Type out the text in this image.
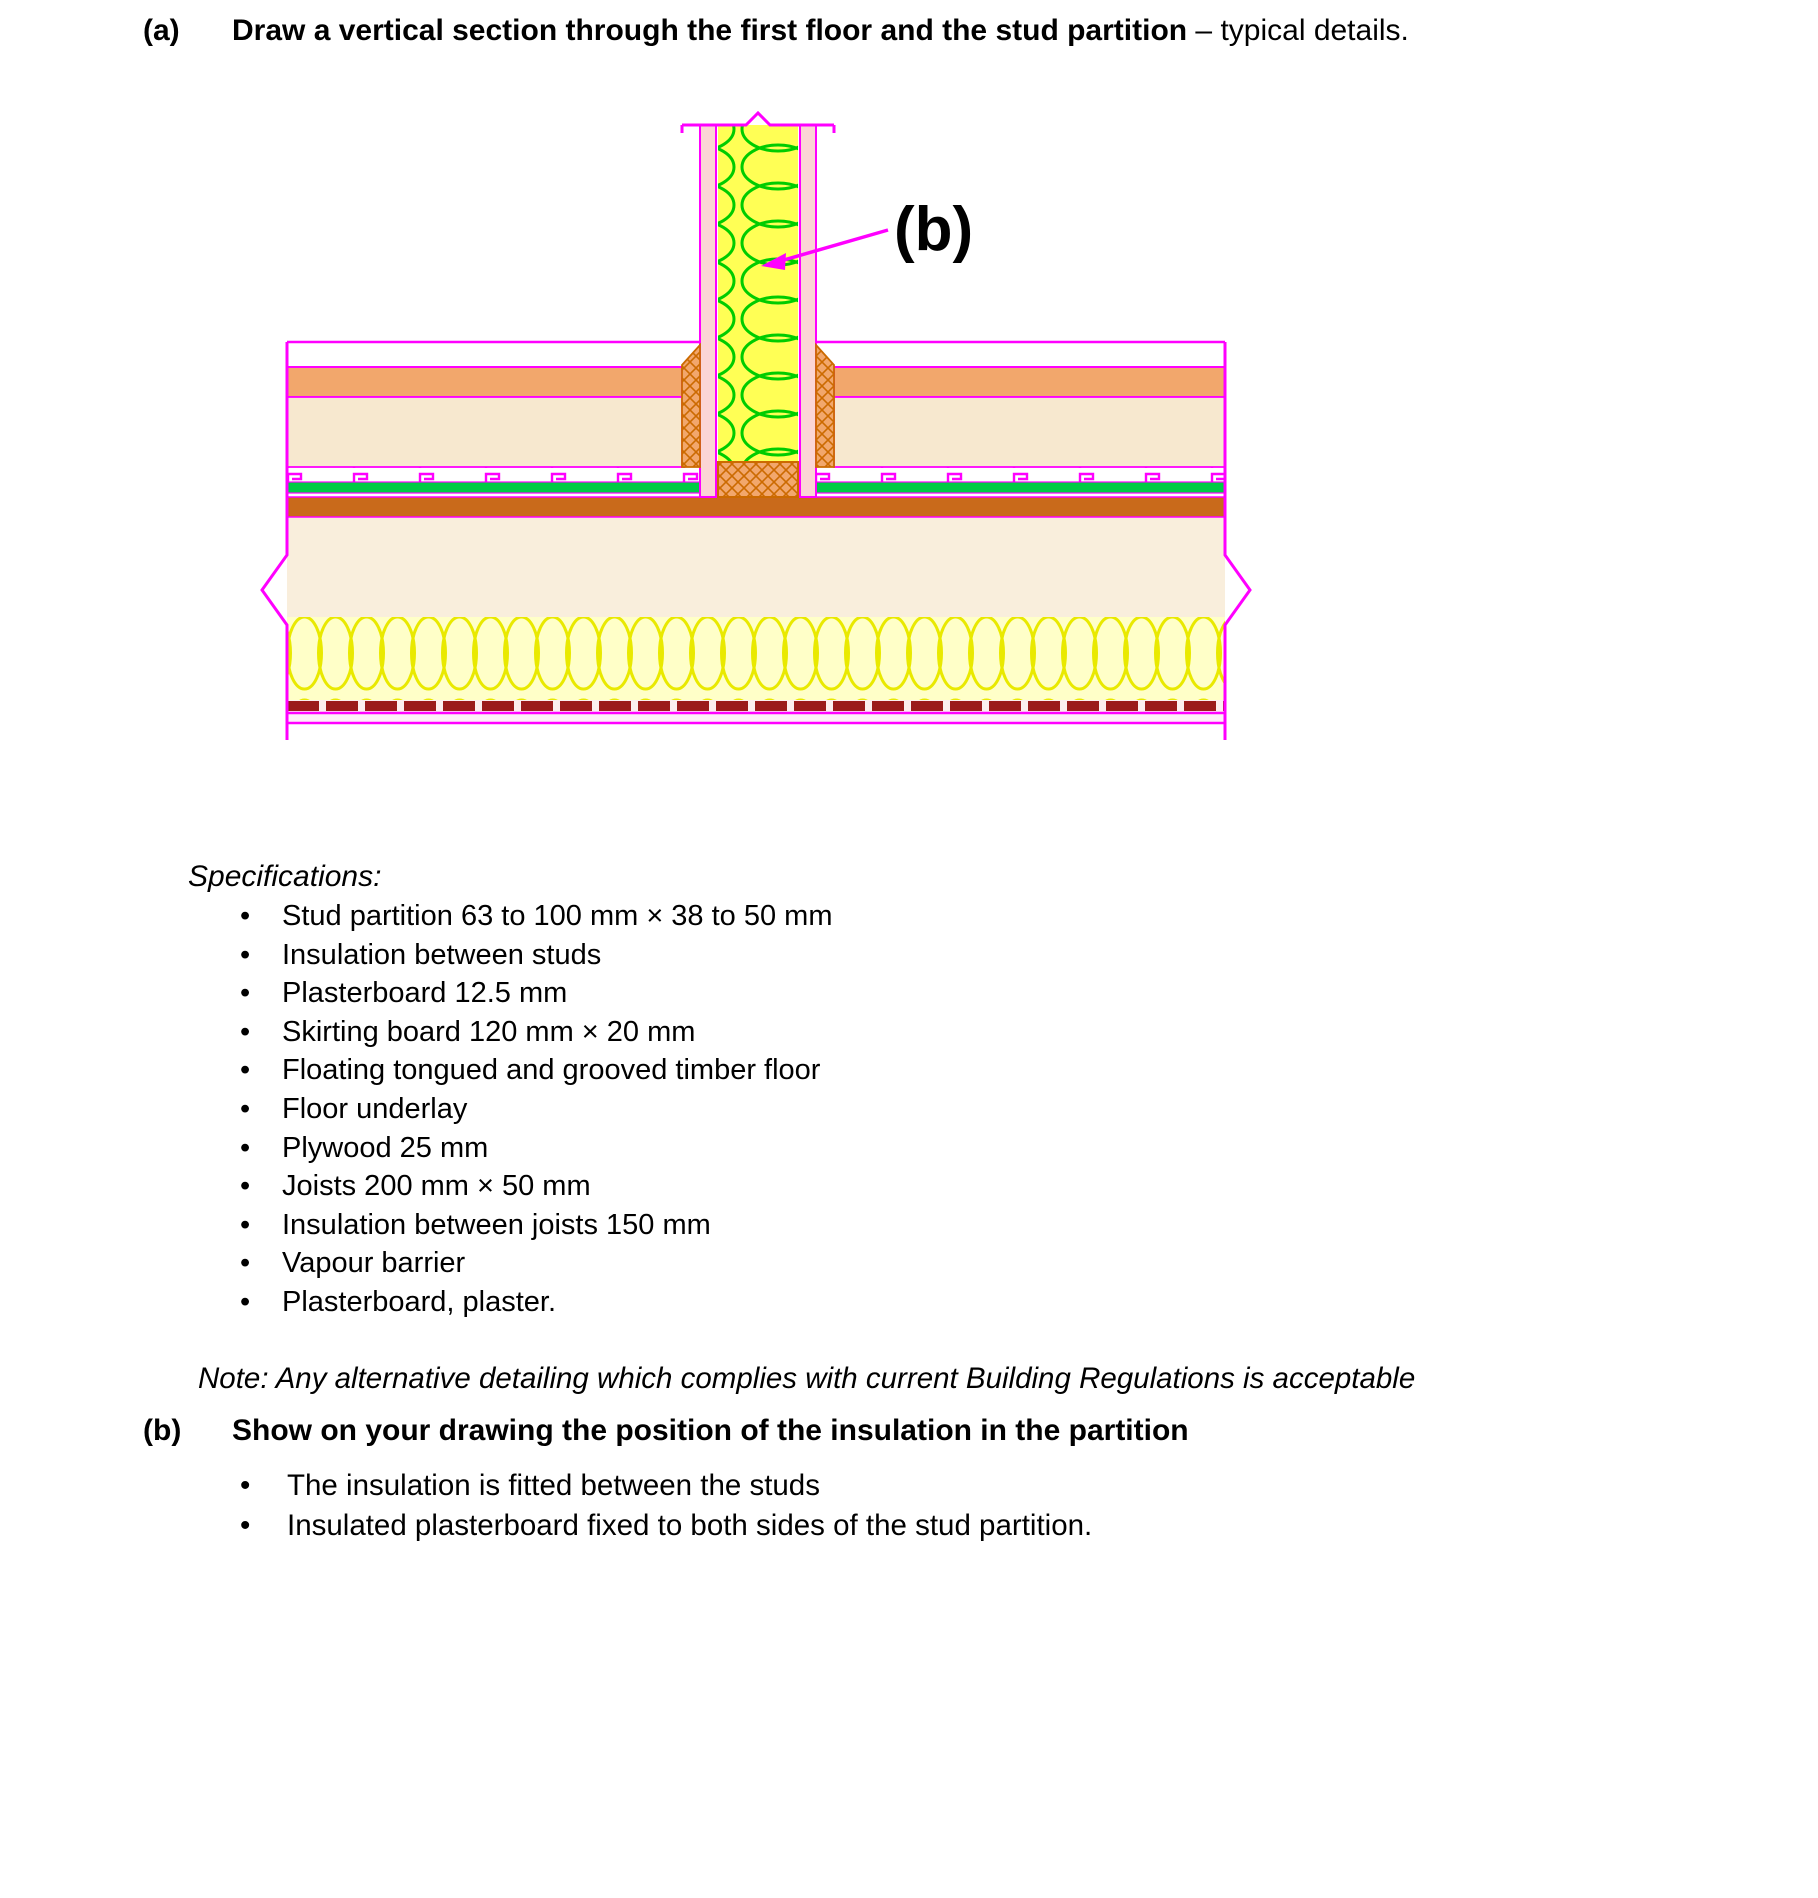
(a) Draw a vertical section through the first floor and the stud partition – typical details.
(b)
Specifications:
•	Stud partition 63 to 100 mm × 38 to 50 mm
•	Insulation between studs
•	Plasterboard 12.5 mm
•	Skirting board 120 mm × 20 mm
•	Floating tongued and grooved timber floor
•	Floor underlay
•	Plywood 25 mm
•	Joists 200 mm × 50 mm
•	Insulation between joists 150 mm
•	Vapour barrier
•	Plasterboard, plaster.
Note: Any alternative detailing which complies with current Building Regulations is acceptable
(b) Show on your drawing the position of the insulation in the partition
•	The insulation is fitted between the studs
•	Insulated plasterboard fixed to both sides of the stud partition.
